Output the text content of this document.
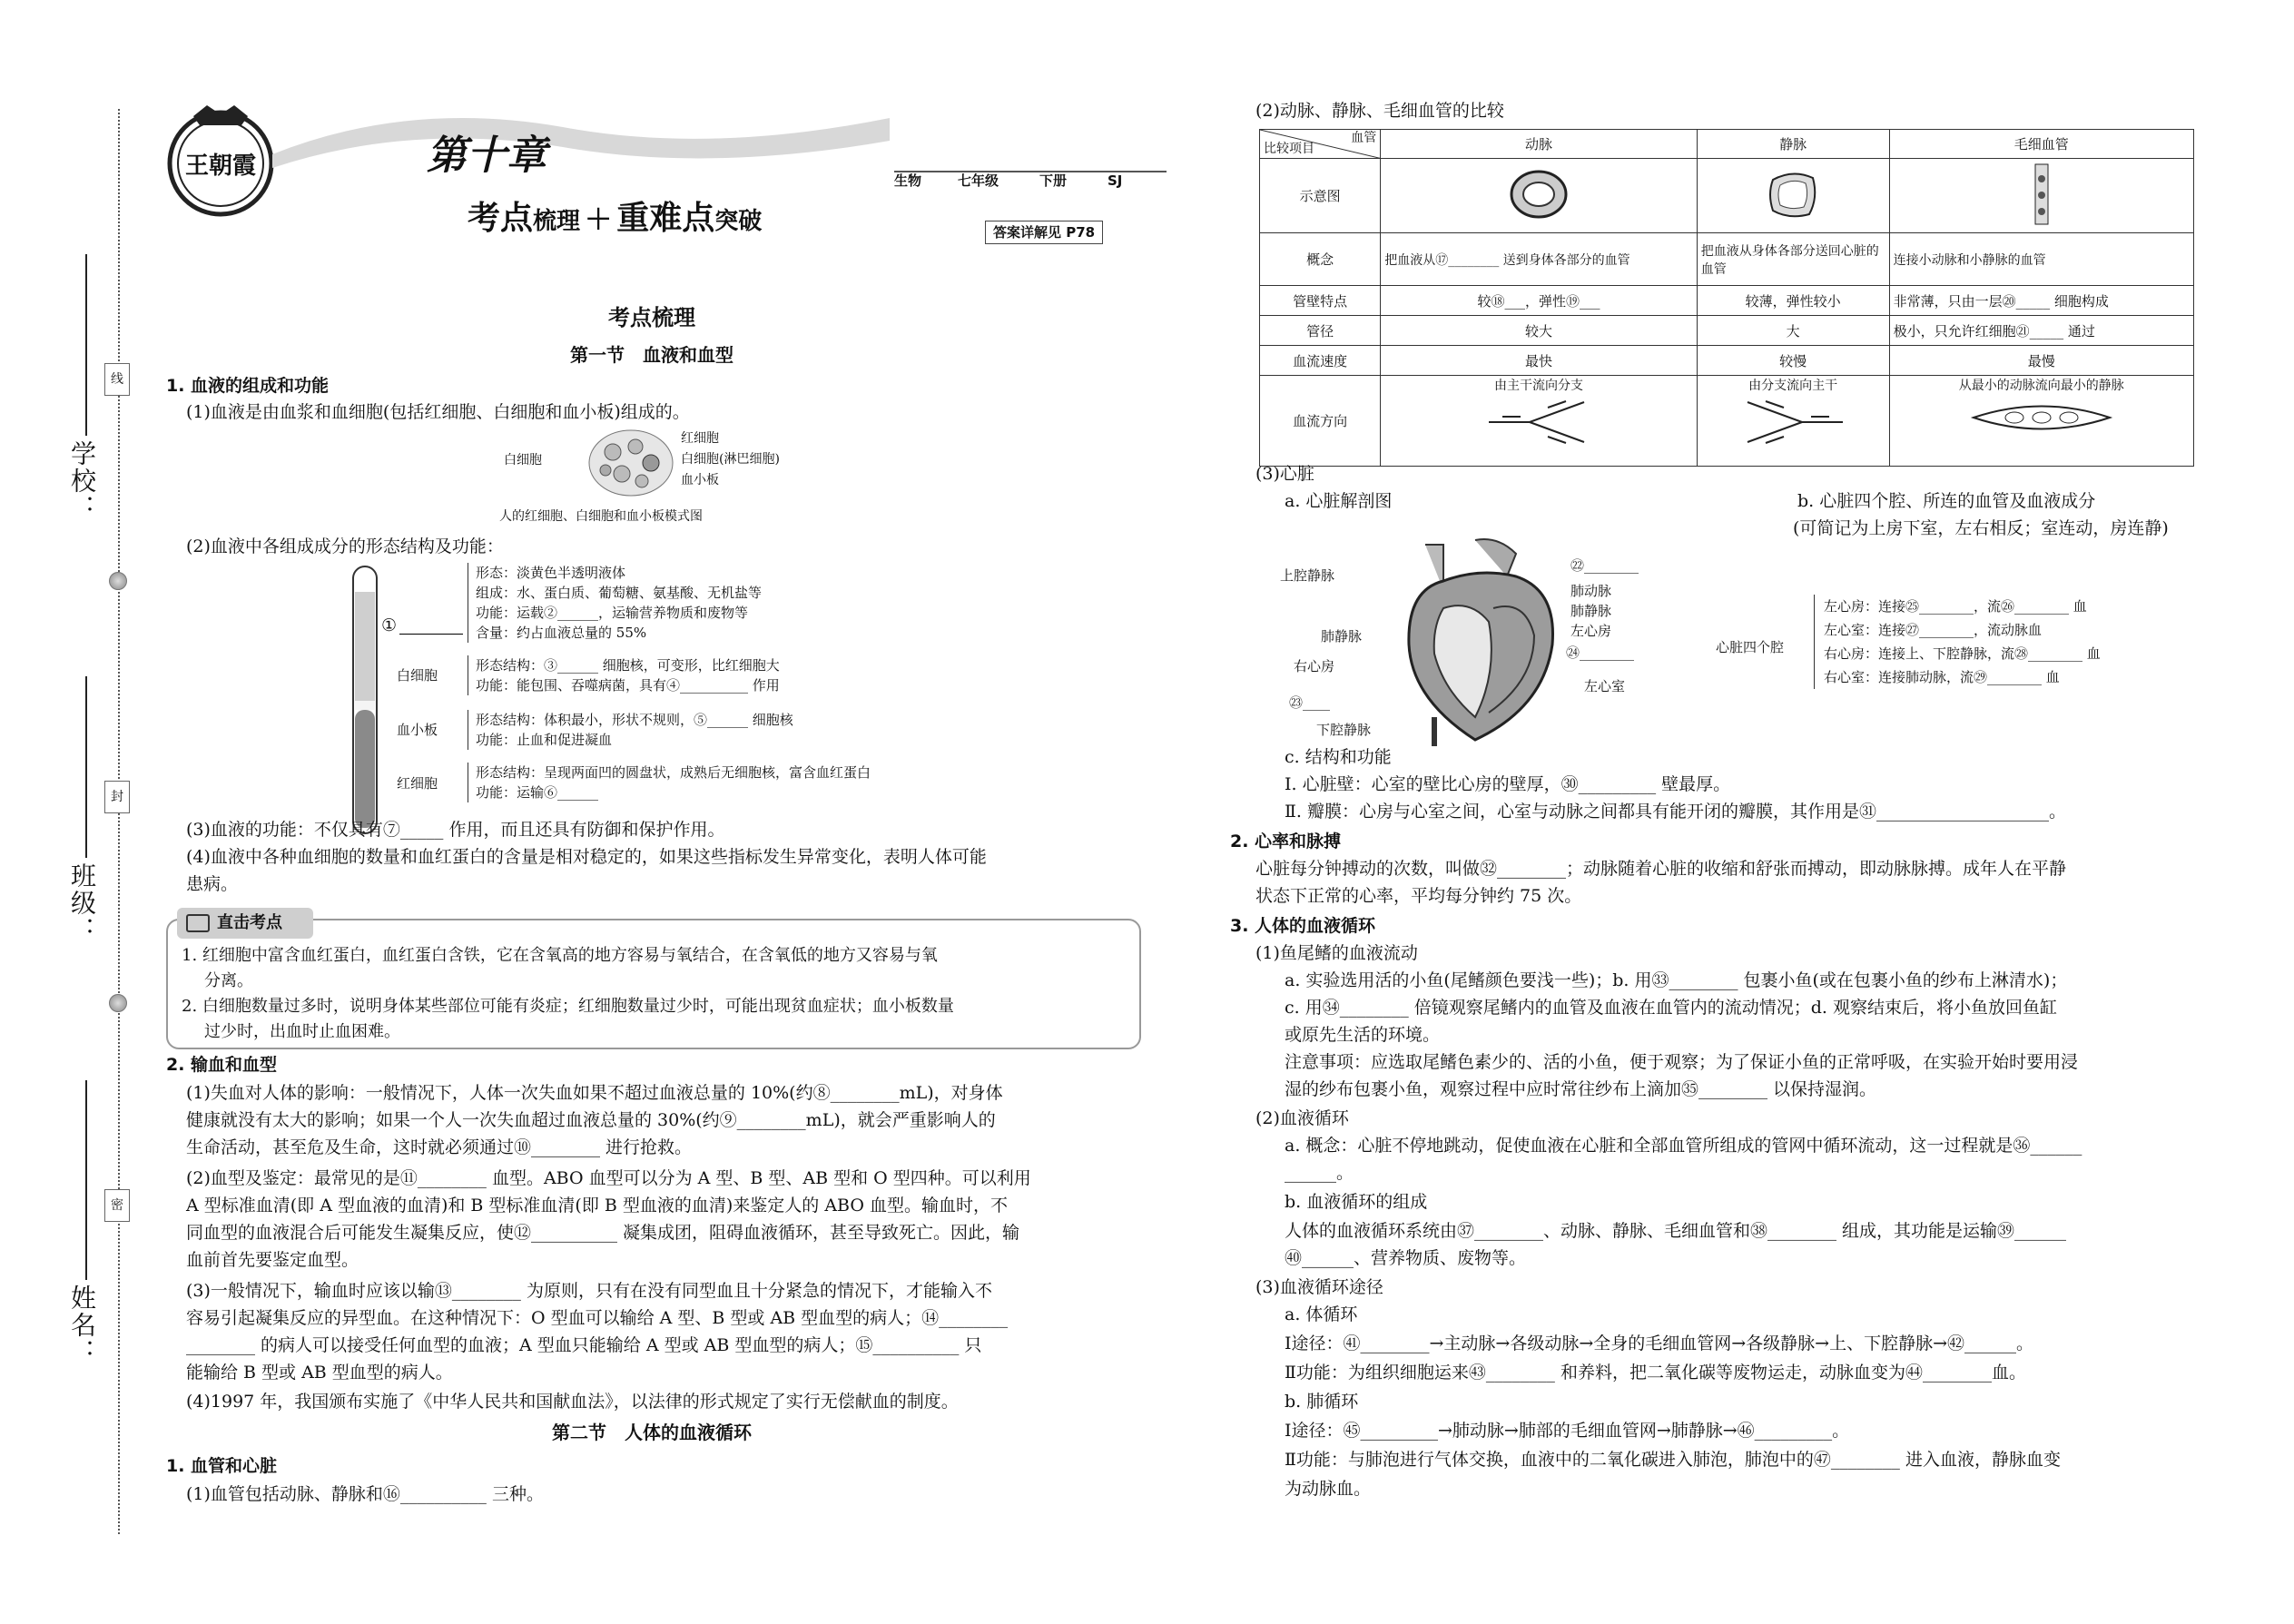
学校：
班级：
姓名：
线
封
密
王朝霞	第十章
考点梳理 ＋ 重难点突破
生物	七年级	下册	SJ
答案详解见 P78
考点梳理
第一节　血液和血型
1. 血液的组成和功能
(1)血液是由血浆和血细胞(包括红细胞、白细胞和血小板)组成的。
白细胞
红细胞
白细胞(淋巴细胞)
血小板
人的红细胞、白细胞和血小板模式图
(2)血液中各组成成分的形态结构及功能：
①
形态：淡黄色半透明液体
组成：水、蛋白质、葡萄糖、氨基酸、无机盐等
功能：运载②______，运输营养物质和废物等
含量：约占血液总量的 55%
白细胞
形态结构：③______ 细胞核，可变形，比红细胞大
功能：能包围、吞噬病菌，具有④__________ 作用
血小板
形态结构：体积最小，形状不规则，⑤______ 细胞核
功能：止血和促进凝血
红细胞
形态结构：呈现两面凹的圆盘状，成熟后无细胞核，富含血红蛋白
功能：运输⑥______
(3)血液的功能：不仅具有⑦_____ 作用，而且还具有防御和保护作用。
(4)血液中各种血细胞的数量和血红蛋白的含量是相对稳定的，如果这些指标发生异常变化，表明人体可能
患病。
直击考点
1. 红细胞中富含血红蛋白，血红蛋白含铁，它在含氧高的地方容易与氧结合，在含氧低的地方又容易与氧
分离。
2. 白细胞数量过多时，说明身体某些部位可能有炎症；红细胞数量过少时，可能出现贫血症状；血小板数量
过少时，出血时止血困难。
2. 输血和血型
(1)失血对人体的影响：一般情况下，人体一次失血如果不超过血液总量的 10%(约⑧________mL)，对身体
健康就没有太大的影响；如果一个人一次失血超过血液总量的 30%(约⑨________mL)，就会严重影响人的
生命活动，甚至危及生命，这时就必须通过⑩________ 进行抢救。
(2)血型及鉴定：最常见的是⑪________ 血型。ABO 血型可以分为 A 型、B 型、AB 型和 O 型四种。可以利用
A 型标准血清(即 A 型血液的血清)和 B 型标准血清(即 B 型血液的血清)来鉴定人的 ABO 血型。输血时，不
同血型的血液混合后可能发生凝集反应，使⑫__________ 凝集成团，阻碍血液循环，甚至导致死亡。因此，输
血前首先要鉴定血型。
(3)一般情况下，输血时应该以输⑬________ 为原则，只有在没有同型血且十分紧急的情况下，才能输入不
容易引起凝集反应的异型血。在这种情况下：O 型血可以输给 A 型、B 型或 AB 型血型的病人；⑭________
________ 的病人可以接受任何血型的血液；A 型血只能输给 A 型或 AB 型血型的病人；⑮__________ 只
能输给 B 型或 AB 型血型的病人。
(4)1997 年，我国颁布实施了《中华人民共和国献血法》，以法律的形式规定了实行无偿献血的制度。
第二节　人体的血液循环
1. 血管和心脏
(1)血管包括动脉、静脉和⑯__________ 三种。
(2)动脉、静脉、毛细血管的比较
血管
比较项目	动脉	静脉	毛细血管
示意图			
概念	把血液从⑰________ 送到身体各部分的血管	把血液从身体各部分送回心脏的血管	连接小动脉和小静脉的血管
管壁特点	较⑱___，弹性⑲___	较薄，弹性较小	非常薄，只由一层⑳_____ 细胞构成
管径	较大	大	极小，只允许红细胞㉑_____ 通过
血流速度	最快	较慢	最慢
血流方向	由主干流向分支	由分支流向主干	从最小的动脉流向最小的静脉
(3)心脏
a. 心脏解剖图	b. 心脏四个腔、所连的血管及血液成分
(可简记为上房下室，左右相反；室连动，房连静)
上腔静脉
肺静脉
右心房
㉓____
下腔静脉
㉒________
肺动脉
肺静脉
左心房
㉔________
左心室
心脏四个腔
左心房：连接㉕________，流㉖________ 血
左心室：连接㉗________，流动脉血
右心房：连接上、下腔静脉，流㉘________ 血
右心室：连接肺动脉，流㉙________ 血
c. 结构和功能
Ⅰ. 心脏壁：心室的壁比心房的壁厚，㉚_________ 壁最厚。
Ⅱ. 瓣膜：心房与心室之间，心室与动脉之间都具有能开闭的瓣膜，其作用是㉛____________________。
2. 心率和脉搏
心脏每分钟搏动的次数，叫做㉜________；动脉随着心脏的收缩和舒张而搏动，即动脉脉搏。成年人在平静
状态下正常的心率，平均每分钟约 75 次。
3. 人体的血液循环
(1)鱼尾鳍的血液流动
a. 实验选用活的小鱼(尾鳍颜色要浅一些)；b. 用㉝________ 包裹小鱼(或在包裹小鱼的纱布上淋清水)；
c. 用㉞________ 倍镜观察尾鳍内的血管及血液在血管内的流动情况；d. 观察结束后，将小鱼放回鱼缸
或原先生活的环境。
注意事项：应选取尾鳍色素少的、活的小鱼，便于观察；为了保证小鱼的正常呼吸，在实验开始时要用浸
湿的纱布包裹小鱼，观察过程中应时常往纱布上滴加㉟________ 以保持湿润。
(2)血液循环
a. 概念：心脏不停地跳动，促使血液在心脏和全部血管所组成的管网中循环流动，这一过程就是㊱______
______。
b. 血液循环的组成
人体的血液循环系统由㊲________、动脉、静脉、毛细血管和㊳________ 组成，其功能是运输㊴______
㊵______、营养物质、废物等。
(3)血液循环途径
a. 体循环
Ⅰ途径：㊶________→主动脉→各级动脉→全身的毛细血管网→各级静脉→上、下腔静脉→㊷______。
Ⅱ功能：为组织细胞运来㊸________ 和养料，把二氧化碳等废物运走，动脉血变为㊹________血。
b. 肺循环
Ⅰ途径：㊺_________→肺动脉→肺部的毛细血管网→肺静脉→㊻_________。
Ⅱ功能：与肺泡进行气体交换，血液中的二氧化碳进入肺泡，肺泡中的㊼________ 进入血液，静脉血变
为动脉血。
